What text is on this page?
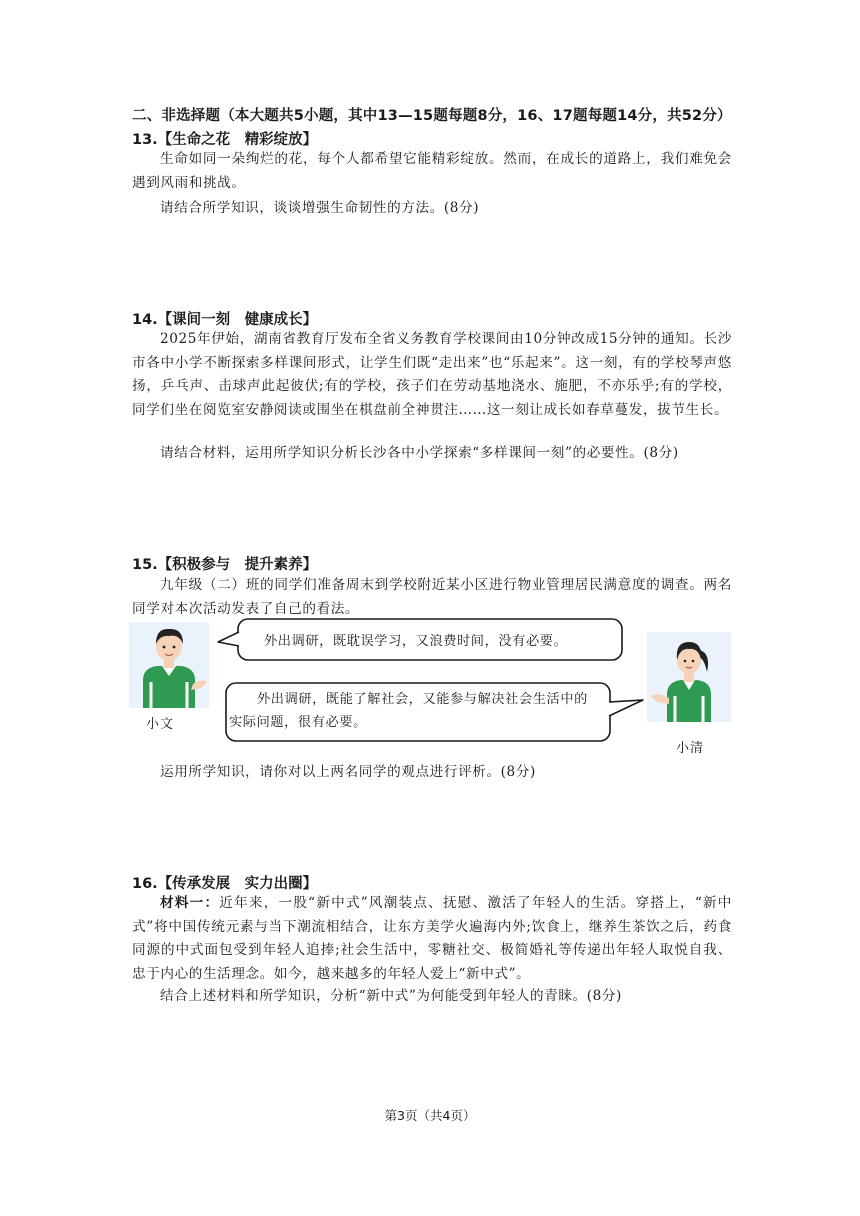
二、非选择题（本大题共5小题，其中13—15题每题8分，16、17题每题14分，共52分）
13.【生命之花　精彩绽放】
生命如同一朵绚烂的花，每个人都希望它能精彩绽放。然而，在成长的道路上，我们难免会遇到风雨和挑战。
请结合所学知识，谈谈增强生命韧性的方法。(8分)
14.【课间一刻　健康成长】
2025年伊始，湖南省教育厅发布全省义务教育学校课间由10分钟改成15分钟的通知。长沙市各中小学不断探索多样课间形式，让学生们既“走出来”也“乐起来”。这一刻，有的学校琴声悠扬，乒乓声、击球声此起彼伏;有的学校，孩子们在劳动基地浇水、施肥，不亦乐乎;有的学校，同学们坐在阅览室安静阅读或围坐在棋盘前全神贯注……这一刻让成长如春草蔓发，拔节生长。
请结合材料，运用所学知识分析长沙各中小学探索“多样课间一刻”的必要性。(8分)
15.【积极参与　提升素养】
九年级（二）班的同学们准备周末到学校附近某小区进行物业管理居民满意度的调查。两名同学对本次活动发表了自己的看法。
小文
外出调研，既耽误学习，又浪费时间，没有必要。
外出调研，既能了解社会，又能参与解决社会生活中的实际问题，很有必要。
小清
运用所学知识，请你对以上两名同学的观点进行评析。(8分)
16.【传承发展　实力出圈】
材料一：近年来，一股“新中式”风潮装点、抚慰、激活了年轻人的生活。穿搭上，“新中式”将中国传统元素与当下潮流相结合，让东方美学火遍海内外;饮食上，继养生茶饮之后，药食同源的中式面包受到年轻人追捧;社会生活中，零糖社交、极简婚礼等传递出年轻人取悦自我、忠于内心的生活理念。如今，越来越多的年轻人爱上“新中式”。
结合上述材料和所学知识，分析“新中式”为何能受到年轻人的青睐。(8分)
第3页（共4页）
